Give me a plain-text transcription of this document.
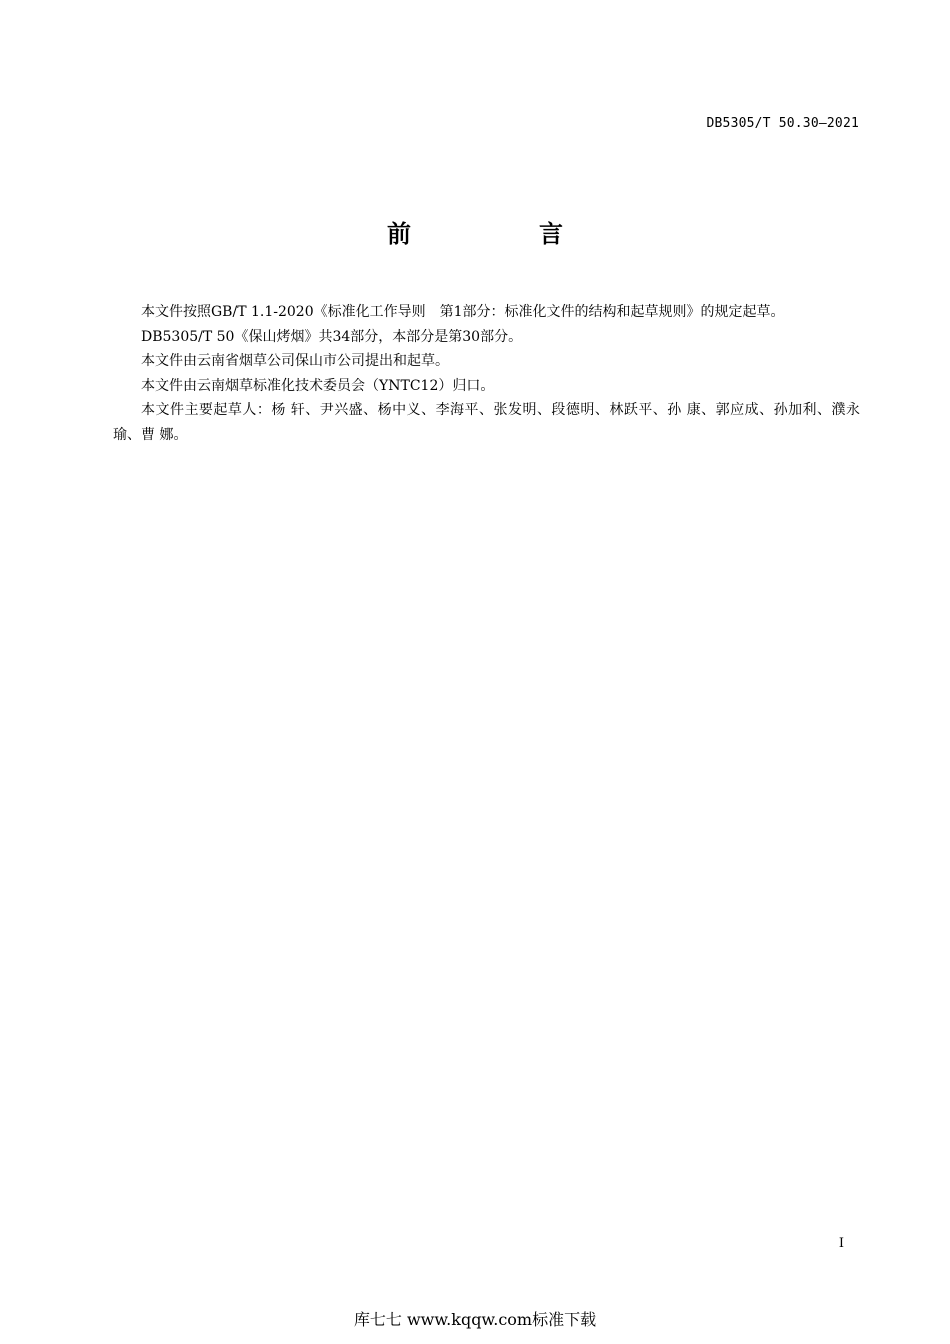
DB5305/T 50.30—2021
前　言

本文件按照GB/T 1.1-2020《标准化工作导则　第1部分：标准化文件的结构和起草规则》的规定起草。

DB5305/T 50《保山烤烟》共34部分，本部分是第30部分。

本文件由云南省烟草公司保山市公司提出和起草。

本文件由云南烟草标准化技术委员会（YNTC12）归口。

本文件主要起草人：杨 轩、尹兴盛、杨中义、李海平、张发明、段德明、林跃平、孙 康、郭应成、孙加利、濮永瑜、曹 娜。

I
库七七 www.kqqw.com标准下载
